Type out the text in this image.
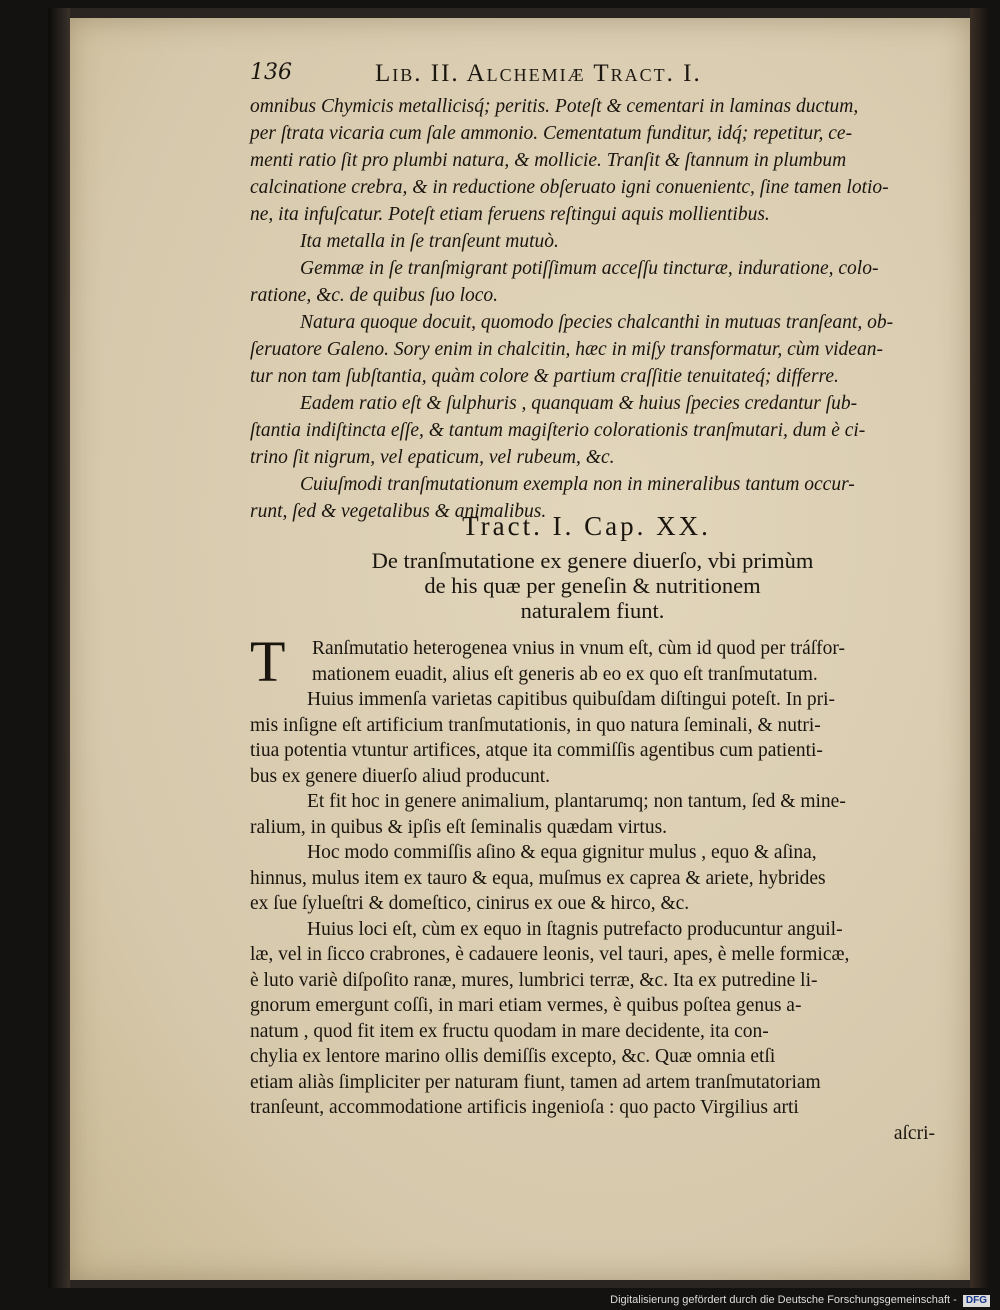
136	Lib. II. Alchemiæ Tract. I.
omnibus Chymicis metallicisq́; peritis. Poteſt & cementari in laminas ductum,
per ſtrata vicaria cum ſale ammonio. Cementatum funditur, idq́; repetitur, ce-
menti ratio ſit pro plumbi natura, & mollicie. Tranſit & ſtannum in plumbum
calcinatione crebra, & in reductione obſeruato igni conuenientc, ſine tamen lotio-
ne, ita infuſcatur. Poteſt etiam feruens reſtingui aquis mollientibus.
Ita metalla in ſe tranſeunt mutuò.
Gemmæ in ſe tranſmigrant potiſſimum acceſſu tincturæ, induratione, colo-
ratione, &c. de quibus ſuo loco.
Natura quoque docuit, quomodo ſpecies chalcanthi in mutuas tranſeant, ob-
ſeruatore Galeno. Sory enim in chalcitin, hæc in miſy transformatur, cùm videan-
tur non tam ſubſtantia, quàm colore & partium craſſitie tenuitateq́; differre.
Eadem ratio eſt & ſulphuris , quanquam & huius ſpecies credantur ſub-
ſtantia indiſtincta eſſe, & tantum magiſterio colorationis tranſmutari, dum è ci-
trino ſit nigrum, vel epaticum, vel rubeum, &c.
Cuiuſmodi tranſmutationum exempla non in mineralibus tantum occur-
runt, ſed & vegetalibus & animalibus.
Tract. I. Cap. XX.
De tranſmutatione ex genere diuerſo, vbi primùm
de his quæ per geneſin & nutritionem
naturalem fiunt.
T	Ranſmutatio heterogenea vnius in vnum eſt, cùm id quod per tráſfor-
mationem euadit, alius eſt generis ab eo ex quo eſt tranſmutatum.
Huius immenſa varietas capitibus quibuſdam diſtingui poteſt. In pri-
mis inſigne eſt artificium tranſmutationis, in quo natura ſeminali, & nutri-
tiua potentia vtuntur artifices, atque ita commiſſis agentibus cum patienti-
bus ex genere diuerſo aliud producunt.
Et fit hoc in genere animalium, plantarumq; non tantum, ſed & mine-
ralium, in quibus & ipſis eſt ſeminalis quædam virtus.
Hoc modo commiſſis aſino & equa gignitur mulus , equo & aſina,
hinnus, mulus item ex tauro & equa, muſmus ex caprea & ariete, hybrides
ex ſue ſylueſtri & domeſtico, cinirus ex oue & hirco, &c.
Huius loci eſt, cùm ex equo in ſtagnis putrefacto producuntur anguil-
læ, vel in ſicco crabrones, è cadauere leonis, vel tauri, apes, è melle formicæ,
è luto variè diſpoſito ranæ, mures, lumbrici terræ, &c. Ita ex putredine li-
gnorum emergunt coſſi, in mari etiam vermes, è quibus poſtea genus a-
natum , quod fit item ex fructu quodam in mare decidente, ita con-
chylia ex lentore marino ollis demiſſis excepto, &c. Quæ omnia etſi
etiam aliàs ſimpliciter per naturam fiunt, tamen ad artem tranſmutatoriam
tranſeunt, accommodatione artificis ingenioſa : quo pacto Virgilius arti
aſcri-
Digitalisierung gefördert durch die Deutsche Forschungsgemeinschaft - DFG
